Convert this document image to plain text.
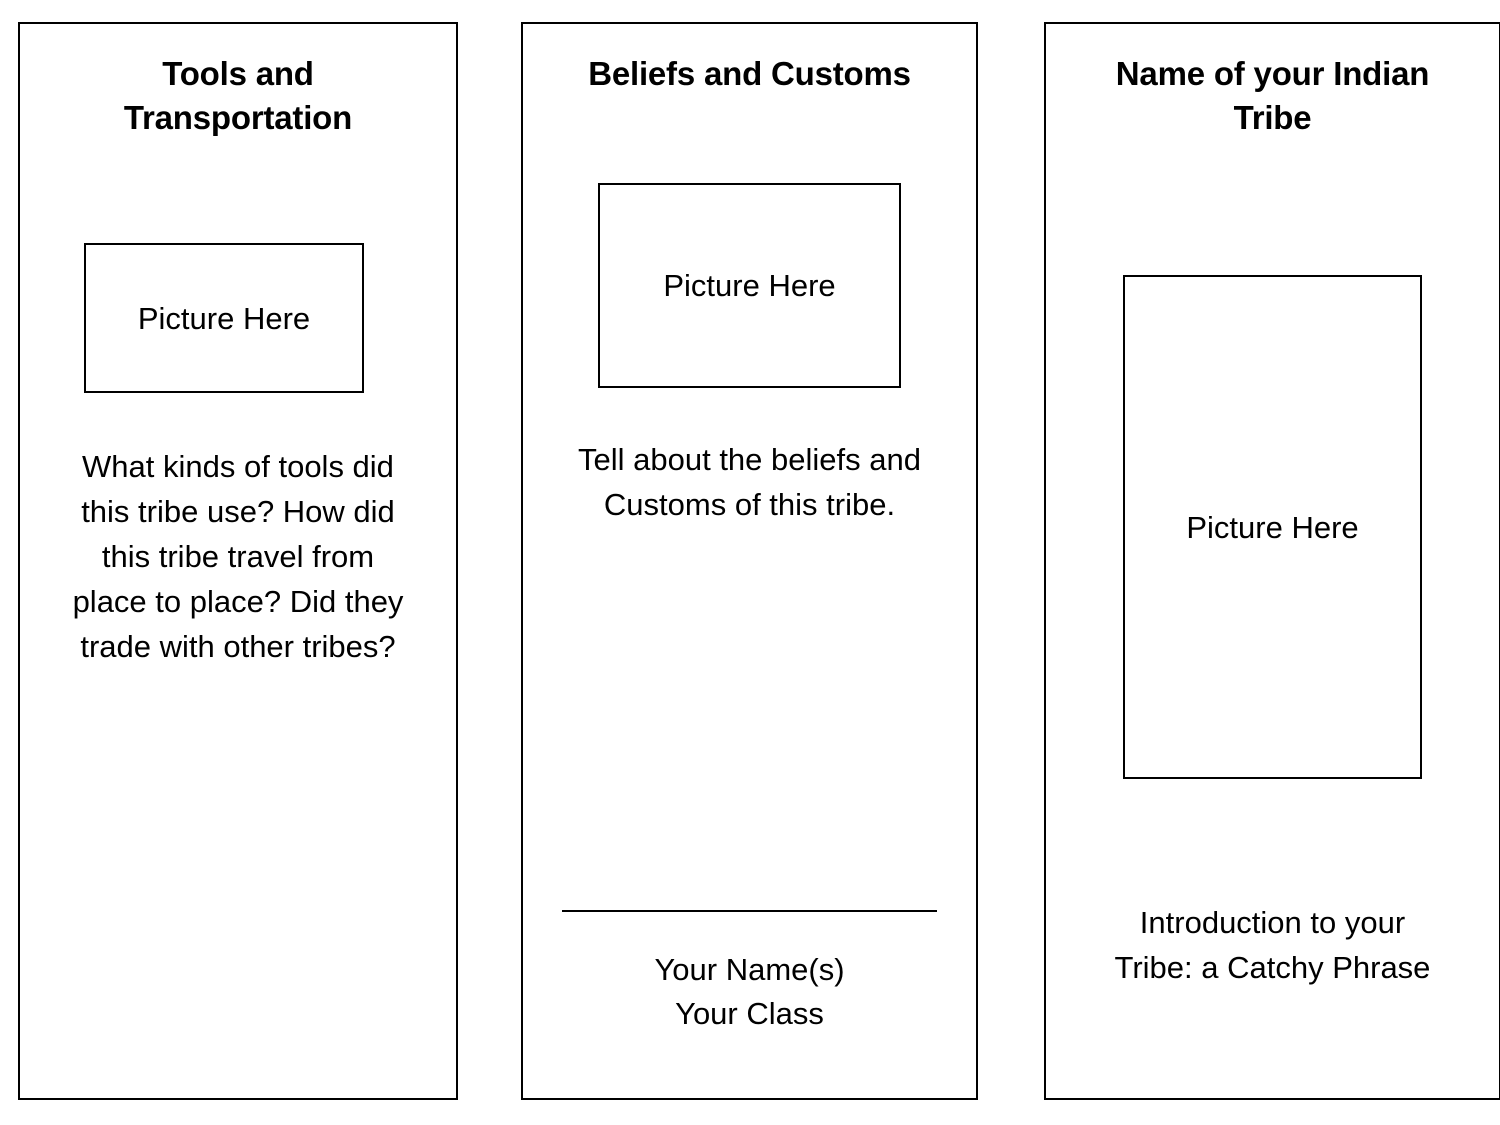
Tools and Transportation
Picture Here

What kinds of tools did this tribe use? How did this tribe travel from place to place? Did they trade with other tribes?

Beliefs and Customs
Picture Here

Tell about the beliefs and Customs of this tribe.

Your Name(s)
Your Class
Name of your Indian Tribe
Picture Here

Introduction to your Tribe: a Catchy Phrase
